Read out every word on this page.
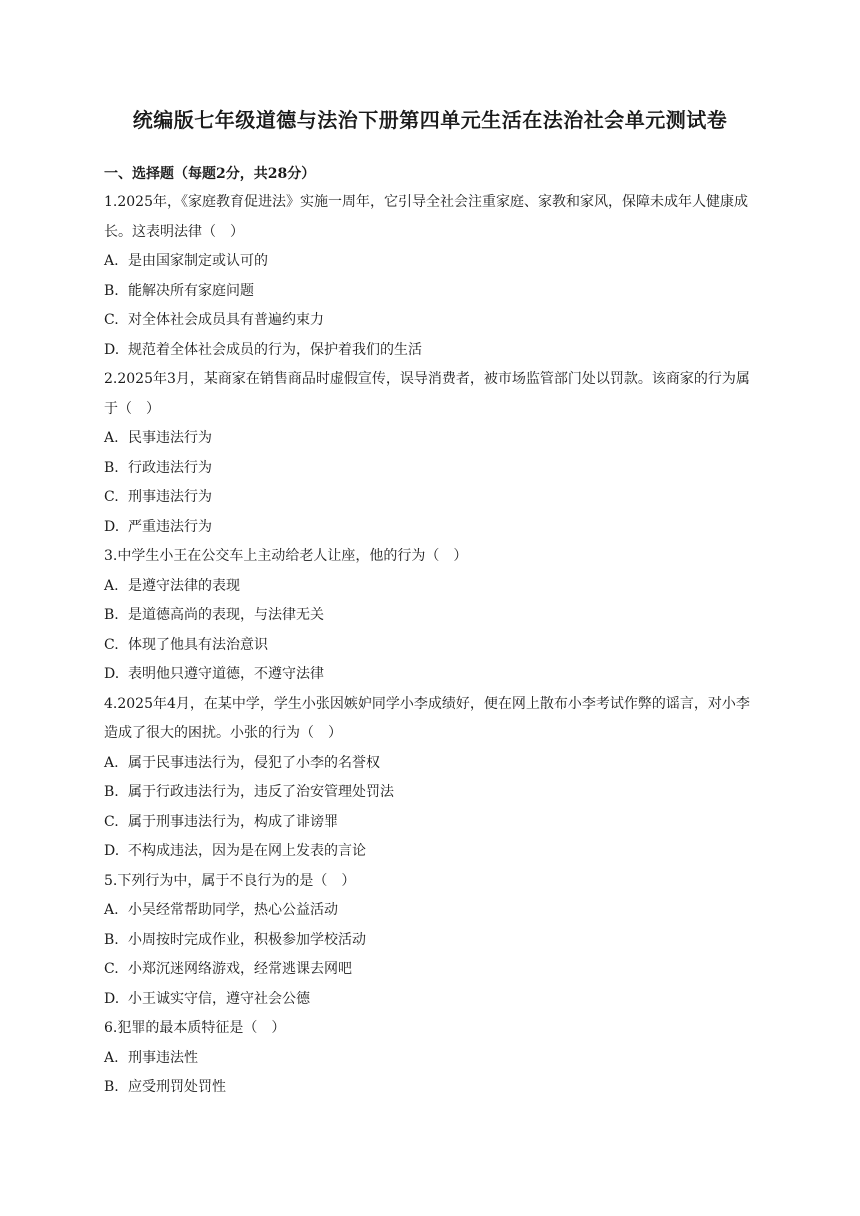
统编版七年级道德与法治下册第四单元生活在法治社会单元测试卷
一、选择题（每题2分，共28分）
1.2025年，《家庭教育促进法》实施一周年，它引导全社会注重家庭、家教和家风，保障未成年人健康成长。这表明法律（　）
A. 是由国家制定或认可的
B. 能解决所有家庭问题
C. 对全体社会成员具有普遍约束力
D. 规范着全体社会成员的行为，保护着我们的生活
2.2025年3月，某商家在销售商品时虚假宣传，误导消费者，被市场监管部门处以罚款。该商家的行为属于（　）
A. 民事违法行为
B. 行政违法行为
C. 刑事违法行为
D. 严重违法行为
3.中学生小王在公交车上主动给老人让座，他的行为（　）
A. 是遵守法律的表现
B. 是道德高尚的表现，与法律无关
C. 体现了他具有法治意识
D. 表明他只遵守道德，不遵守法律
4.2025年4月，在某中学，学生小张因嫉妒同学小李成绩好，便在网上散布小李考试作弊的谣言，对小李造成了很大的困扰。小张的行为（　）
A. 属于民事违法行为，侵犯了小李的名誉权
B. 属于行政违法行为，违反了治安管理处罚法
C. 属于刑事违法行为，构成了诽谤罪
D. 不构成违法，因为是在网上发表的言论
5.下列行为中，属于不良行为的是（　）
A. 小吴经常帮助同学，热心公益活动
B. 小周按时完成作业，积极参加学校活动
C. 小郑沉迷网络游戏，经常逃课去网吧
D. 小王诚实守信，遵守社会公德
6.犯罪的最本质特征是（　）
A. 刑事违法性
B. 应受刑罚处罚性
